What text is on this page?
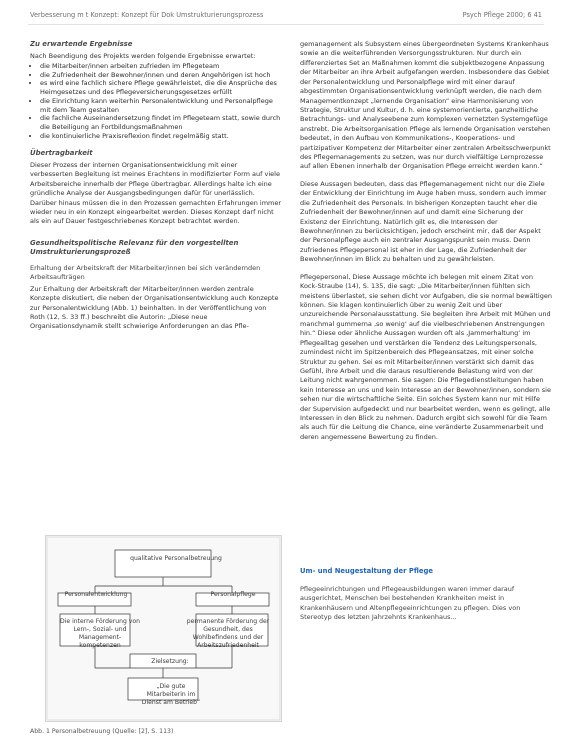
Verbesserung m t Konzept: Konzept für Dok Umstrukturierungsprozess	Psych Pflege 2000; 6 41
Zu erwartende Ergebnisse

Nach Beendigung des Projekts werden folgende Ergebnisse erwartet:

• die Mitarbeiter/innen arbeiten zufrieden im Pflegeteam
• die Zufriedenheit der Bewohner/innen und deren Angehörigen ist hoch
• es wird eine fachlich sichere Pflege gewährleistet, die die Ansprüche des Heimgesetzes und des Pflegeversicherungsgesetzes erfüllt
• die Einrichtung kann weiterhin Personalentwicklung und Personalpflege mit dem Team gestalten
• die fachliche Auseinandersetzung findet im Pflegeteam statt, sowie durch die Beteiligung an Fortbildungsmaßnahmen
• die kontinuierliche Praxisreflexion findet regelmäßig statt.
Übertragbarkeit

Dieser Prozess der internen Organisationsentwicklung mit einer verbesserten Begleitung ist meines Erachtens in modifizierter Form auf viele Arbeitsbereiche innerhalb der Pflege übertragbar. Allerdings halte ich eine gründliche Analyse der Ausgangsbedingungen dafür für unerlässlich. Darüber hinaus müssen die in den Prozessen gemachten Erfahrungen immer wieder neu in ein Konzept eingearbeitet werden. Dieses Konzept darf nicht als ein auf Dauer festgeschriebenes Konzept betrachtet werden.

Gesundheitspolitische Relevanz für den vorgestellten Umstrukturierungsprozeß
Erhaltung der Arbeitskraft der Mitarbeiter/innen bei sich verändernden Arbeitsaufträgen

Zur Erhaltung der Arbeitskraft der Mitarbeiter/innen werden zentrale Konzepte diskutiert, die neben der Organisationsentwicklung auch Konzepte zur Personalentwicklung (Abb. 1) beinhalten. In der Veröffentlichung von Roth (12, S. 33 ff.) beschreibt die Autorin: „Diese neue Organisationsdynamik stellt schwierige Anforderungen an das Pfle-

qualitative Personalbetreuung
Personalentwicklung	Personalpflege
Die interne Förderung von Lern-, Sozial- und Management-kompetenzen
permanente Förderung der Gesundheit, des Wohlbefindens und der Arbeitszufriedenheit
Zielsetzung:
„Die gute Mitarbeiterin im Dienst am Betrieb“
Abb. 1 Personalbetreuung (Quelle: [2], S. 113)

gemanagement als Subsystem eines übergeordneten Systems Krankenhaus sowie an die weiterführenden Versorgungsstrukturen. Nur durch ein differenziertes Set an Maßnahmen kommt die subjektbezogene Anpassung der Mitarbeiter an ihre Arbeit aufgefangen werden. Insbesondere das Gebiet der Personalentwicklung und Personalpflege wird mit einer darauf abgestimmten Organisationsentwicklung verknüpft werden, die nach dem Managementkonzept „lernende Organisation“ eine Harmonisierung von Strategie, Struktur und Kultur, d. h. eine systemorientierte, ganzheitliche Betrachtungs- und Analyseebene zum komplexen vernetzten Systemgefüge anstrebt. Die Arbeitsorganisation Pflege als lernende Organisation verstehen bedeutet, in den Aufbau von Kommunikations-, Kooperations- und partizipativer Kompetenz der Mitarbeiter einer zentralen Arbeitsschwerpunkt des Pflegemanagements zu setzen, was nur durch vielfältige Lernprozesse auf allen Ebenen innerhalb der Organisation Pflege erreicht werden kann.“

Diese Aussagen bedeuten, dass das Pflegemanagement nicht nur die Ziele der Entwicklung der Einrichtung im Auge haben muss, sondern auch immer die Zufriedenheit des Personals. In bisherigen Konzepten taucht eher die Zufriedenheit der Bewohner/innen auf und damit eine Sicherung der Existenz der Einrichtung. Natürlich gilt es, die Interessen der Bewohner/innen zu berücksichtigen, jedoch erscheint mir, daß der Aspekt der Personalpflege auch ein zentraler Ausgangspunkt sein muss. Denn zufriedenes Pflegepersonal ist eher in der Lage, die Zufriedenheit der Bewohner/innen im Blick zu behalten und zu gewährleisten.

Pflegepersonal, Diese Aussage möchte ich belegen mit einem Zitat von Kock-Straube (14), S. 135, die sagt: „Die Mitarbeiter/innen fühlten sich meistens überlastet, sie sehen dicht vor Aufgaben, die sie normal bewältigen können. Sie klagen kontinuierlich über zu wenig Zeit und über unzureichende Personalausstattung. Sie begleiten ihre Arbeit mit Mühen und manchmal gummerna ‚so wenig‘ auf die vielbeschriebenen Anstrengungen hin.“ Diese oder ähnliche Aussagen wurden oft als ‚Jammerhaltung‘ im Pflegealltag gesehen und verstärken die Tendenz des Leitungspersonals, zumindest nicht im Spitzenbereich des Pflegeansatzes, mit einer solche Struktur zu gehen. Sei es mit Mitarbeiter/innen verstärkt sich damit das Gefühl, ihre Arbeit und die daraus resultierende Belastung wird von der Leitung nicht wahrgenommen. Sie sagen: Die Pflegedienstleitungen haben kein Interesse an uns und kein Interesse an der Bewohner/innen, sondern sie sehen nur die wirtschaftliche Seite. Ein solches System kann nur mit Hilfe der Supervision aufgedeckt und nur bearbeitet werden, wenn es gelingt, alle Interessen in den Blick zu nehmen. Dadurch ergibt sich sowohl für die Team als auch für die Leitung die Chance, eine veränderte Zusammenarbeit und deren angemessene Bewertung zu finden.

Um- und Neugestaltung der Pflege
Pflegeeinrichtungen und Pflegeausbildungen waren immer darauf ausgerichtet, Menschen bei bestehenden Krankheiten meist in Krankenhäusern und Altenpflegeeinrichtungen zu pflegen. Dies von Stereotyp des letzten Jahrzehnts Krankenhaus...
